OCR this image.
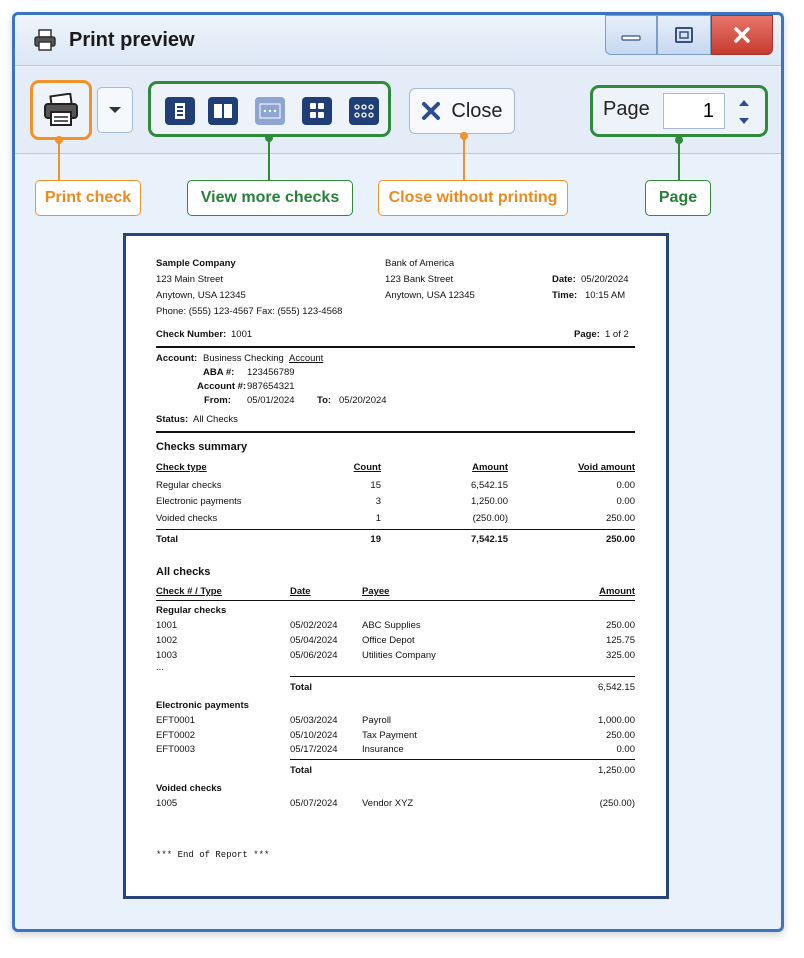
Print preview
Close	Page
1
Print check	View more checks	Close without printing	Page
Sample Company
123 Main Street
Anytown, USA 12345
Phone: (555) 123-4567 Fax: (555) 123-4568
Bank of America
123 Bank Street
Anytown, USA 12345
Date: 05/20/2024
Time: 10:15 AM
Check Number: 1001	Page: 1 of 2
Account: Business Checking Account
ABA #: 123456789
Account #: 987654321
From: 05/01/2024 To: 05/20/2024
Status: All Checks
Checks summary
Check type	Count	Amount	Void amount
Regular checks	15	6,542.15	0.00
Electronic payments	3	1,250.00	0.00
Voided checks	1	(250.00)	250.00
Total	19	7,542.15	250.00
All checks
Check # / Type	Date	Payee	Amount
Regular checks
1001	05/02/2024	ABC Supplies	250.00
1002	05/04/2024	Office Depot	125.75
1003	05/06/2024	Utilities Company	325.00
...
Total	6,542.15
Electronic payments
EFT0001	05/03/2024	Payroll	1,000.00
EFT0002	05/10/2024	Tax Payment	250.00
EFT0003	05/17/2024	Insurance	0.00
Total	1,250.00
Voided checks
1005	05/07/2024	Vendor XYZ	(250.00)
*** End of Report ***
